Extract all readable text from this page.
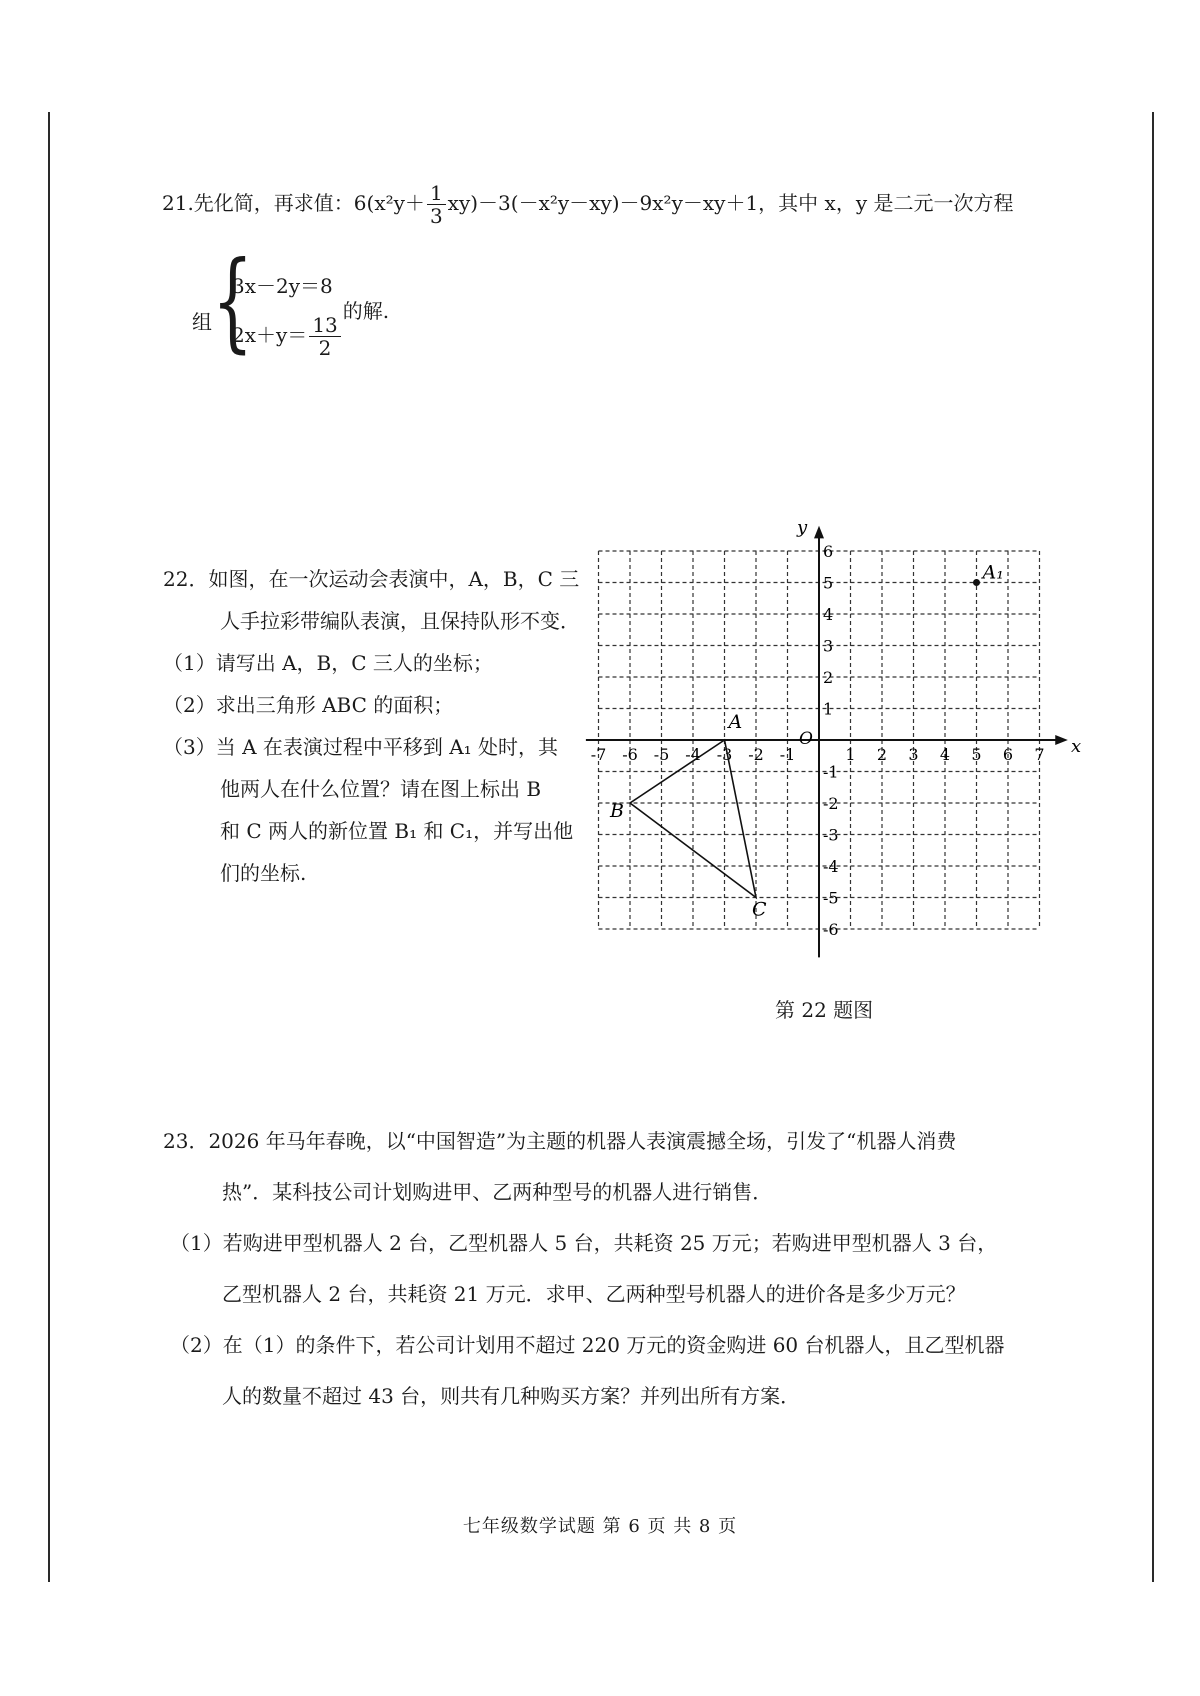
21.先化简，再求值：$6(x^2y+ \frac{1}{3} xy)-3(-x^2y-xy)-9x^2y-xy+1$，其中 x，y 是二元一次方程
组 {
3x－2y＝8
$2x+y= \frac{13}{2}$
的解.

22．如图，在一次运动会表演中，A，B，C 三

人手拉彩带编队表演，且保持队形不变．

（1）请写出 A，B，C 三人的坐标；

（2）求出三角形 ABC 的面积；

（3）当 A 在表演过程中平移到 A₁ 处时，其

他两人在什么位置？请在图上标出 B

和 C 两人的新位置 B₁ 和 C₁，并写出他

们的坐标.

x
y
O
-7 -6 -5 -4 -3 -2 -1	1 2 3 4 5 6 7
6
5
4
3
2
1
-1
-2
-3
-4
-5
-6
A
B
C
A₁
第 22 题图
23．2026 年马年春晚，以“中国智造”为主题的机器人表演震撼全场，引发了“机器人消费
热”．某科技公司计划购进甲、乙两种型号的机器人进行销售．
（1）若购进甲型机器人 2 台，乙型机器人 5 台，共耗资 25 万元；若购进甲型机器人 3 台，
乙型机器人 2 台，共耗资 21 万元．求甲、乙两种型号机器人的进价各是多少万元？
（2）在（1）的条件下，若公司计划用不超过 220 万元的资金购进 60 台机器人，且乙型机器
人的数量不超过 43 台，则共有几种购买方案？并列出所有方案．
七年级数学试题 第 6 页 共 8 页
